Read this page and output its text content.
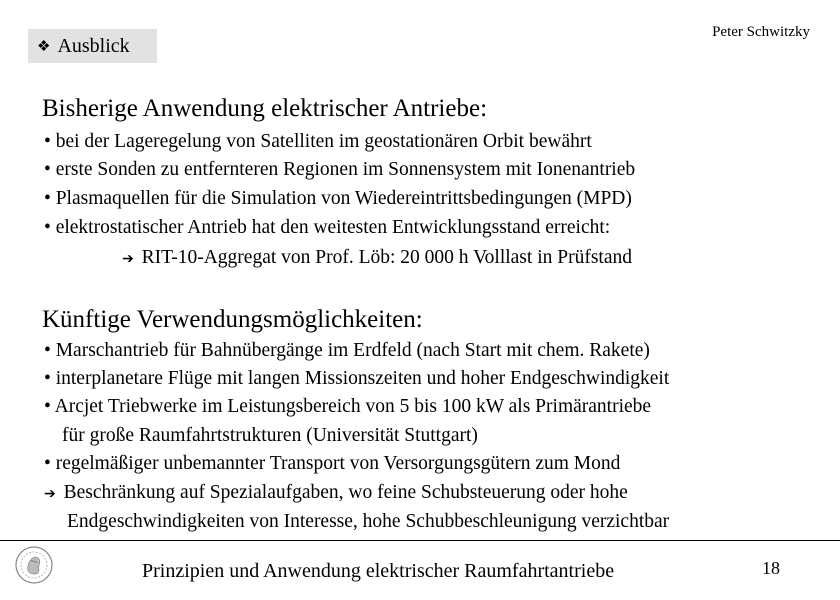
❖ Ausblick
Peter Schwitzky
Bisherige Anwendung elektrischer Antriebe:
• bei der Lageregelung von Satelliten im geostationären Orbit bewährt
• erste Sonden zu entfernteren Regionen im Sonnensystem mit Ionenantrieb
• Plasmaquellen für die Simulation von Wiedereintrittsbedingungen (MPD)
• elektrostatischer Antrieb hat den weitesten Entwicklungsstand erreicht:
➔ RIT-10-Aggregat von Prof. Löb: 20 000 h Volllast in Prüfstand
Künftige Verwendungsmöglichkeiten:
• Marschantrieb für Bahnübergänge im Erdfeld (nach Start mit chem. Rakete)
• interplanetare Flüge mit langen Missionszeiten und hoher Endgeschwindigkeit
• Arcjet Triebwerke im Leistungsbereich von 5 bis 100 kW als Primärantriebe
für große Raumfahrtstrukturen (Universität Stuttgart)
• regelmäßiger unbemannter Transport von Versorgungsgütern zum Mond
➔ Beschränkung auf Spezialaufgaben, wo feine Schubsteuerung oder hohe
Endgeschwindigkeiten von Interesse, hohe Schubbeschleunigung verzichtbar
Prinzipien und Anwendung elektrischer Raumfahrtantriebe	18
